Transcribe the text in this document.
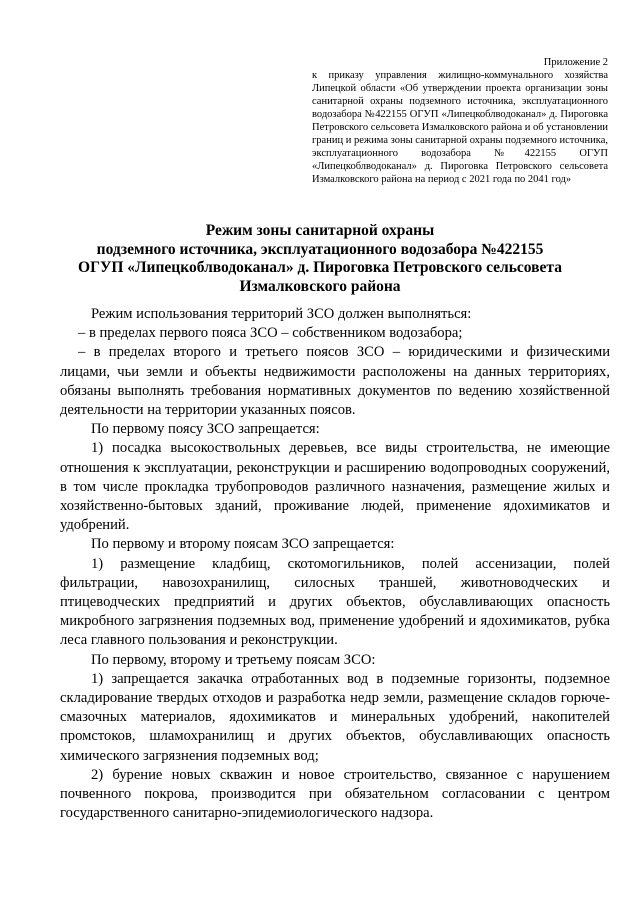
Приложение 2
к приказу управления жилищно-коммунального хозяйства Липецкой области «Об утверждении проекта организации зоны санитарной охраны подземного источника, эксплуатационного водозабора №422155 ОГУП «Липецкоблводоканал» д. Пироговка Петровского сельсовета Измалковского района и об установлении границ и режима зоны санитарной охраны подземного источника, эксплуатационного водозабора №422155 ОГУП «Липецкоблводоканал» д. Пироговка Петровского сельсовета Измалковского района на период с 2021 года по 2041 год»
Режим зоны санитарной охраны
подземного источника, эксплуатационного водозабора №422155
ОГУП «Липецкоблводоканал» д. Пироговка Петровского сельсовета
Измалковского района

Режим использования территорий ЗСО должен выполняться:

– в пределах первого пояса ЗСО – собственником водозабора;

– в пределах второго и третьего поясов ЗСО – юридическими и физическими лицами, чьи земли и объекты недвижимости расположены на данных территориях, обязаны выполнять требования нормативных документов по ведению хозяйственной деятельности на территории указанных поясов.

По первому поясу ЗСО запрещается:

1) посадка высокоствольных деревьев, все виды строительства, не имеющие отношения к эксплуатации, реконструкции и расширению водопроводных сооружений, в том числе прокладка трубопроводов различного назначения, размещение жилых и хозяйственно-бытовых зданий, проживание людей, применение ядохимикатов и удобрений.

По первому и второму поясам ЗСО запрещается:

1) размещение кладбищ, скотомогильников, полей ассенизации, полей фильтрации, навозохранилищ, силосных траншей, животноводческих и птицеводческих предприятий и других объектов, обуславливающих опасность микробного загрязнения подземных вод, применение удобрений и ядохимикатов, рубка леса главного пользования и реконструкции.

По первому, второму и третьему поясам ЗСО:

1) запрещается закачка отработанных вод в подземные горизонты, подземное складирование твердых отходов и разработка недр земли, размещение складов горюче-смазочных материалов, ядохимикатов и минеральных удобрений, накопителей промстоков, шламохранилищ и других объектов, обуславливающих опасность химического загрязнения подземных вод;

2) бурение новых скважин и новое строительство, связанное с нарушением почвенного покрова, производится при обязательном согласовании с центром государственного санитарно-эпидемиологического надзора.
